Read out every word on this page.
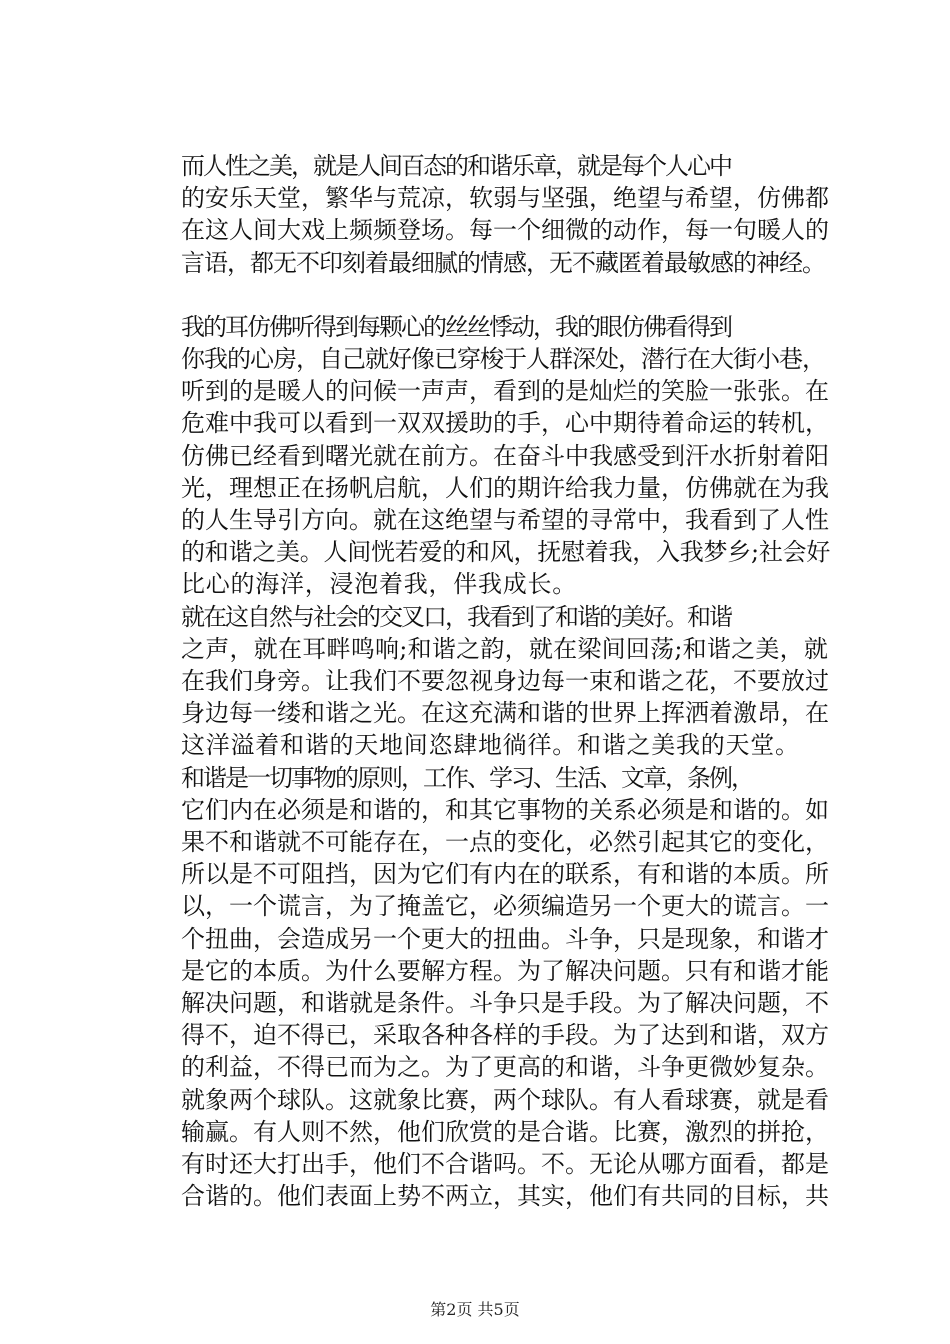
而人性之美，就是人间百态的和谐乐章，就是每个人心中
的安乐天堂，繁华与荒凉，软弱与坚强，绝望与希望，仿佛都
在这人间大戏上频频登场。每一个细微的动作，每一句暖人的
言语，都无不印刻着最细腻的情感，无不藏匿着最敏感的神经。

我的耳仿佛听得到每颗心的丝丝悸动，我的眼仿佛看得到
你我的心房，自己就好像已穿梭于人群深处，潜行在大街小巷，
听到的是暖人的问候一声声，看到的是灿烂的笑脸一张张。在
危难中我可以看到一双双援助的手，心中期待着命运的转机，
仿佛已经看到曙光就在前方。在奋斗中我感受到汗水折射着阳
光，理想正在扬帆启航，人们的期许给我力量，仿佛就在为我
的人生导引方向。就在这绝望与希望的寻常中，我看到了人性
的和谐之美。人间恍若爱的和风，抚慰着我，入我梦乡;社会好
比心的海洋，浸泡着我，伴我成长。

就在这自然与社会的交叉口，我看到了和谐的美好。和谐
之声，就在耳畔鸣响;和谐之韵，就在梁间回荡;和谐之美，就
在我们身旁。让我们不要忽视身边每一束和谐之花，不要放过
身边每一缕和谐之光。在这充满和谐的世界上挥洒着激昂，在
这洋溢着和谐的天地间恣肆地徜徉。和谐之美我的天堂。

和谐是一切事物的原则，工作、学习、生活、文章，条例，
它们内在必须是和谐的，和其它事物的关系必须是和谐的。如
果不和谐就不可能存在，一点的变化，必然引起其它的变化，
所以是不可阻挡，因为它们有内在的联系，有和谐的本质。所
以，一个谎言，为了掩盖它，必须编造另一个更大的谎言。一
个扭曲，会造成另一个更大的扭曲。斗争，只是现象，和谐才
是它的本质。为什么要解方程。为了解决问题。只有和谐才能
解决问题，和谐就是条件。斗争只是手段。为了解决问题，不
得不，迫不得已，采取各种各样的手段。为了达到和谐，双方
的利益，不得已而为之。为了更高的和谐，斗争更微妙复杂。
就象两个球队。这就象比赛，两个球队。有人看球赛，就是看
输赢。有人则不然，他们欣赏的是合谐。比赛，激烈的拼抢，
有时还大打出手，他们不合谐吗。不。无论从哪方面看，都是
合谐的。他们表面上势不两立，其实，他们有共同的目标，共

第2页 共5页
